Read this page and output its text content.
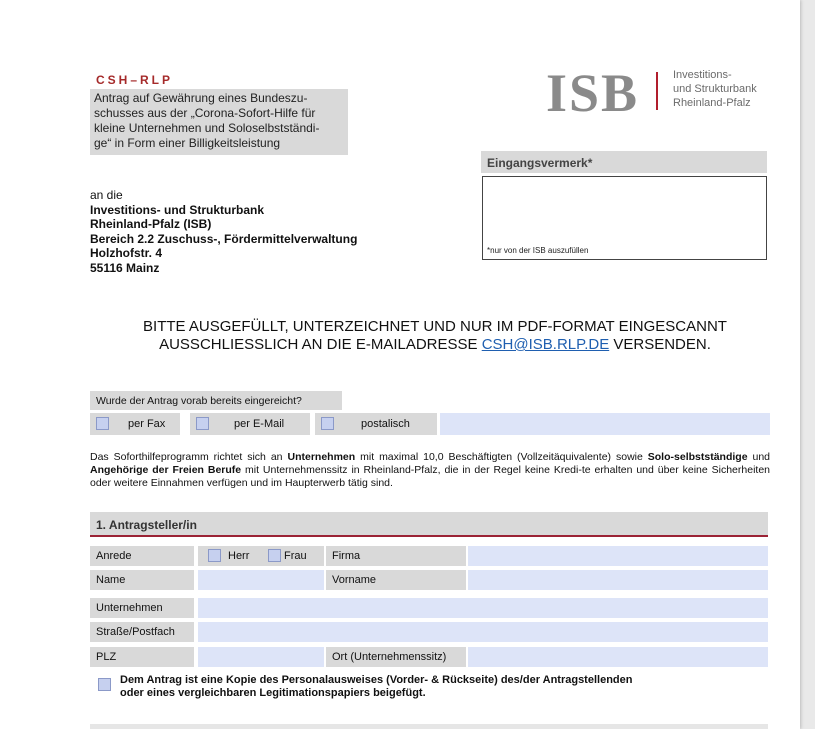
CSH–RLP
Antrag auf Gewährung eines Bundeszu-
schusses aus der „Corona-Sofort-Hilfe für
kleine Unternehmen und Soloselbstständi-
ge“ in Form einer Billigkeitsleistung
ISB	Investitions-
und Strukturbank
Rheinland-Pfalz
Eingangsvermerk*
*nur von der ISB auszufüllen
an die
Investitions- und Strukturbank
Rheinland-Pfalz (ISB)
Bereich 2.2 Zuschuss-, Fördermittelverwaltung
Holzhofstr. 4
55116 Mainz
BITTE AUSGEFÜLLT, UNTERZEICHNET UND NUR IM PDF-FORMAT EINGESCANNT
AUSSCHLIESSLICH AN DIE E-MAILADRESSE CSH@ISB.RLP.DE VERSENDEN.
Wurde der Antrag vorab bereits eingereicht?
per Fax	per E-Mail	postalisch
Das Soforthilfeprogramm richtet sich an Unternehmen mit maximal 10,0 Beschäftigten (Vollzeitäquivalente) sowie Solo-selbstständige und Angehörige der Freien Berufe mit Unternehmenssitz in Rheinland-Pfalz, die in der Regel keine Kredi-te erhalten und über keine Sicherheiten oder weitere Einnahmen verfügen und im Haupterwerb tätig sind.
1. Antragsteller/in
Anrede	Herr	Frau	Firma
Name	Vorname
Unternehmen
Straße/Postfach
PLZ	Ort (Unternehmenssitz)
Dem Antrag ist eine Kopie des Personalausweises (Vorder- & Rückseite) des/der Antragstellenden
oder eines vergleichbaren Legitimationspapiers beigefügt.
